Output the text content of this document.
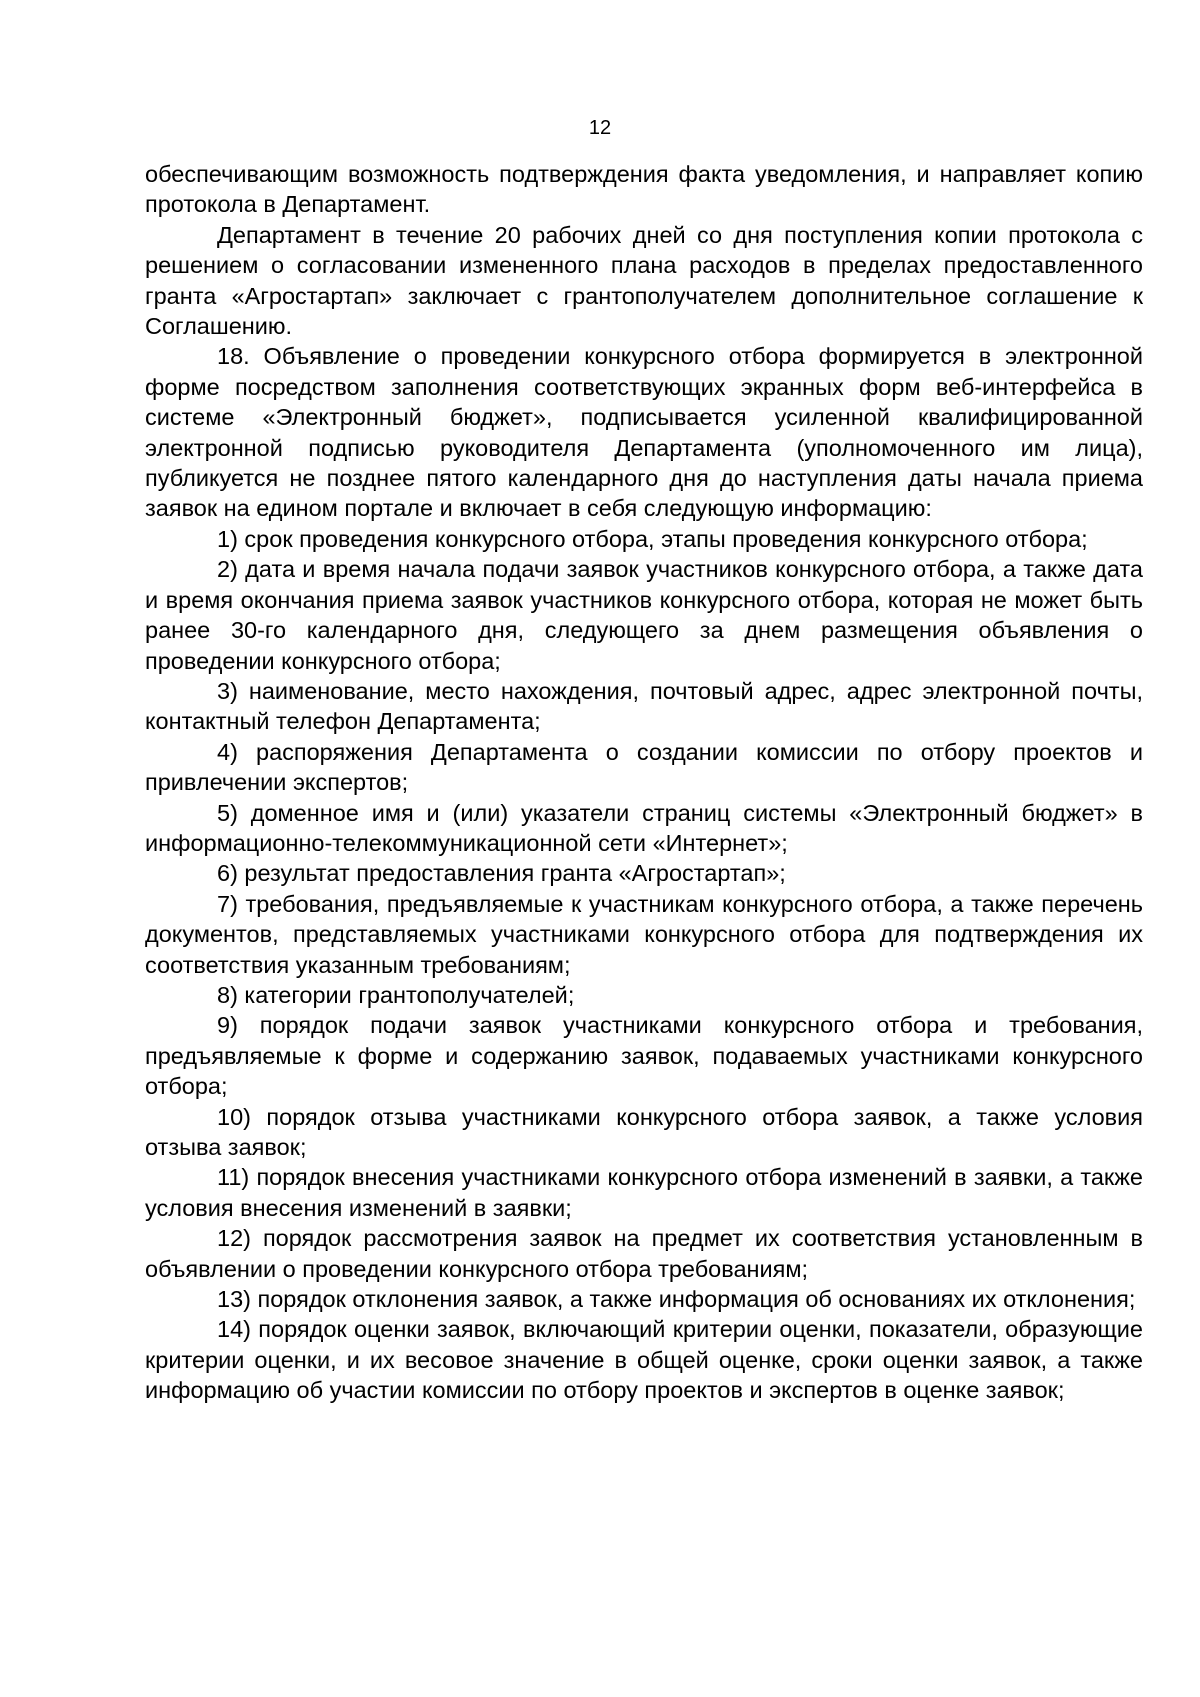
12

обеспечивающим возможность подтверждения факта уведомления, и направляет копию протокола в Департамент.

Департамент в течение 20 рабочих дней со дня поступления копии протокола с решением о согласовании измененного плана расходов в пределах предоставленного гранта «Агростартап» заключает с грантополучателем дополнительное соглашение к Соглашению.

18. Объявление о проведении конкурсного отбора формируется в электронной форме посредством заполнения соответствующих экранных форм веб-интерфейса в системе «Электронный бюджет», подписывается усиленной квалифицированной электронной подписью руководителя Департамента (уполномоченного им лица), публикуется не позднее пятого календарного дня до наступления даты начала приема заявок на едином портале и включает в себя следующую информацию:

1) срок проведения конкурсного отбора, этапы проведения конкурсного отбора;

2) дата и время начала подачи заявок участников конкурсного отбора, а также дата и время окончания приема заявок участников конкурсного отбора, которая не может быть ранее 30-го календарного дня, следующего за днем размещения объявления о проведении конкурсного отбора;

3) наименование, место нахождения, почтовый адрес, адрес электронной почты, контактный телефон Департамента;

4) распоряжения Департамента о создании комиссии по отбору проектов и привлечении экспертов;

5) доменное имя и (или) указатели страниц системы «Электронный бюджет» в информационно-телекоммуникационной сети «Интернет»;

6) результат предоставления гранта «Агростартап»;

7) требования, предъявляемые к участникам конкурсного отбора, а также перечень документов, представляемых участниками конкурсного отбора для подтверждения их соответствия указанным требованиям;

8) категории грантополучателей;

9) порядок подачи заявок участниками конкурсного отбора и требования, предъявляемые к форме и содержанию заявок, подаваемых участниками конкурсного отбора;

10) порядок отзыва участниками конкурсного отбора заявок, а также условия отзыва заявок;

11) порядок внесения участниками конкурсного отбора изменений в заявки, а также условия внесения изменений в заявки;

12) порядок рассмотрения заявок на предмет их соответствия установленным в объявлении о проведении конкурсного отбора требованиям;

13) порядок отклонения заявок, а также информация об основаниях их отклонения;

14) порядок оценки заявок, включающий критерии оценки, показатели, образующие критерии оценки, и их весовое значение в общей оценке, сроки оценки заявок, а также информацию об участии комиссии по отбору проектов и экспертов в оценке заявок;
